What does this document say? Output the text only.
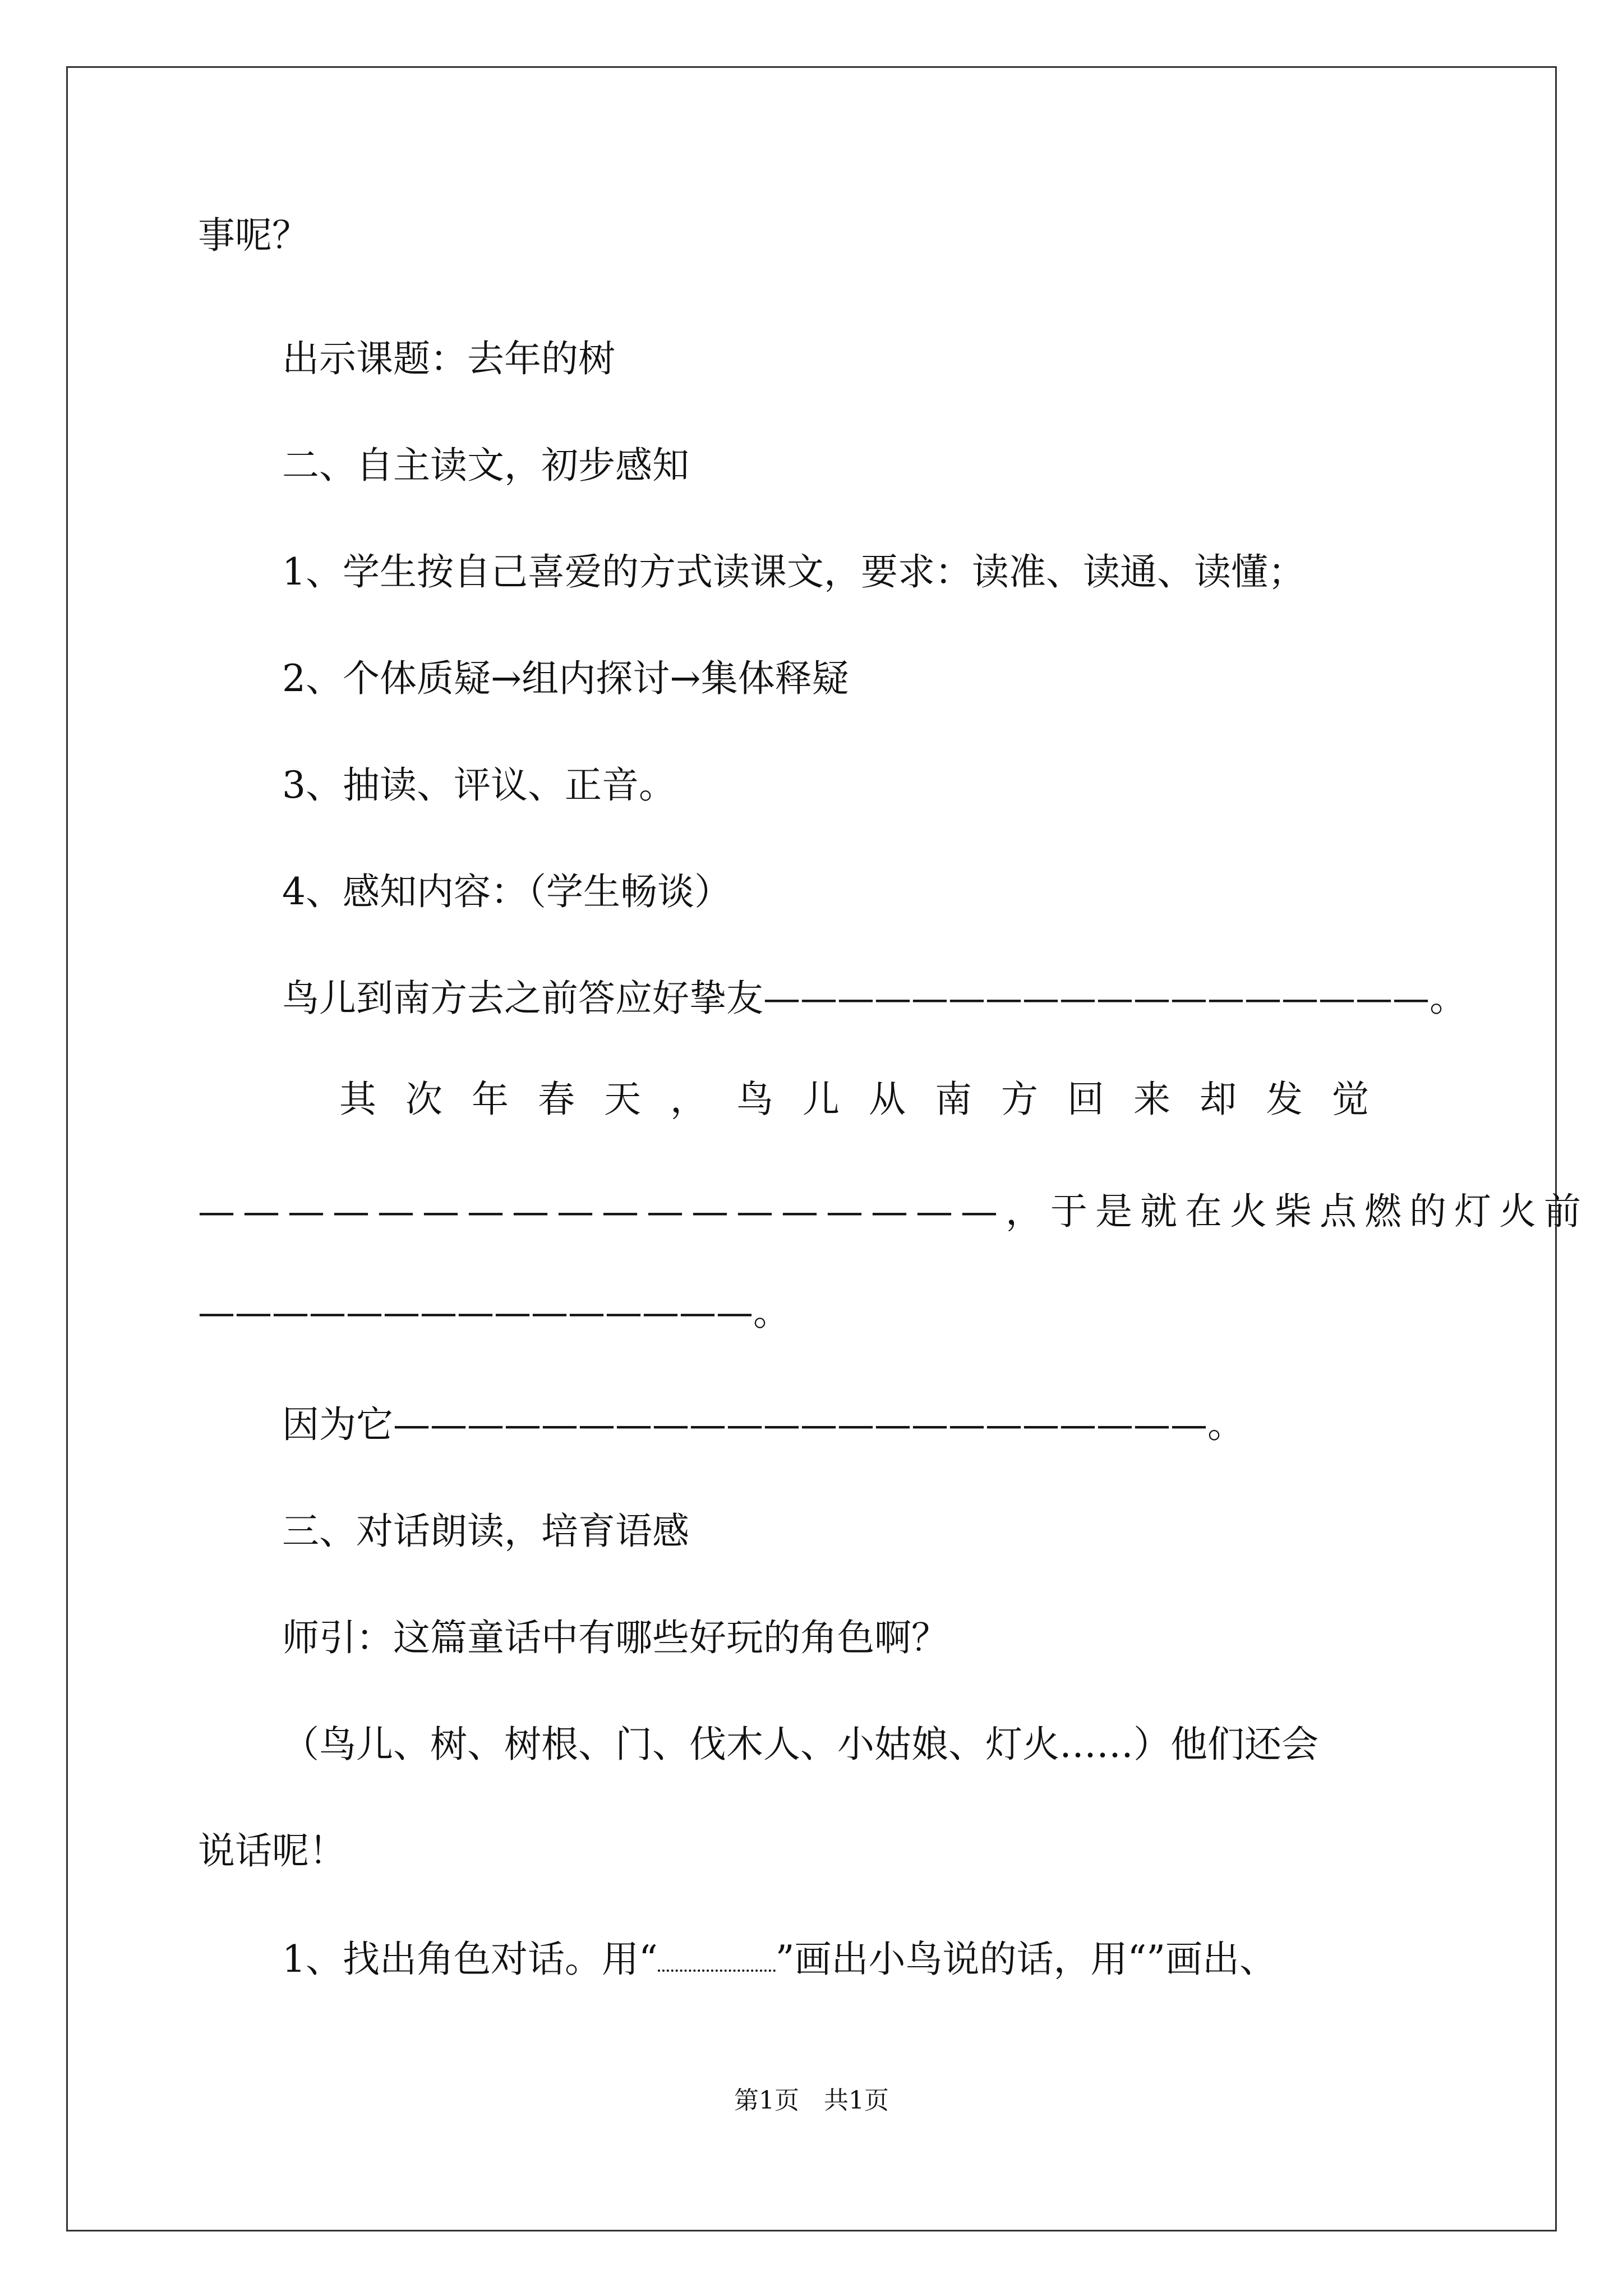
事呢？
出示课题：去年的树
二、自主读文，初步感知
1、学生按自己喜爱的方式读课文，要求：读准、读通、读懂；
2、个体质疑→组内探讨→集体释疑
3、抽读、评议、正音。
4、感知内容：（学生畅谈）
鸟儿到南方去之前答应好挚友——————————————————。
其次年春天，鸟儿从南方回来却发觉
——————————————————，于是就在火柴点燃的灯火前
———————————————。
因为它——————————————————————。
三、对话朗读，培育语感
师引：这篇童话中有哪些好玩的角色啊？
（鸟儿、树、树根、门、伐木人、小姑娘、灯火……）他们还会
说话呢！
1、找出角色对话。用“	”画出小鸟说的话，用“”画出、
第1页　共1页
